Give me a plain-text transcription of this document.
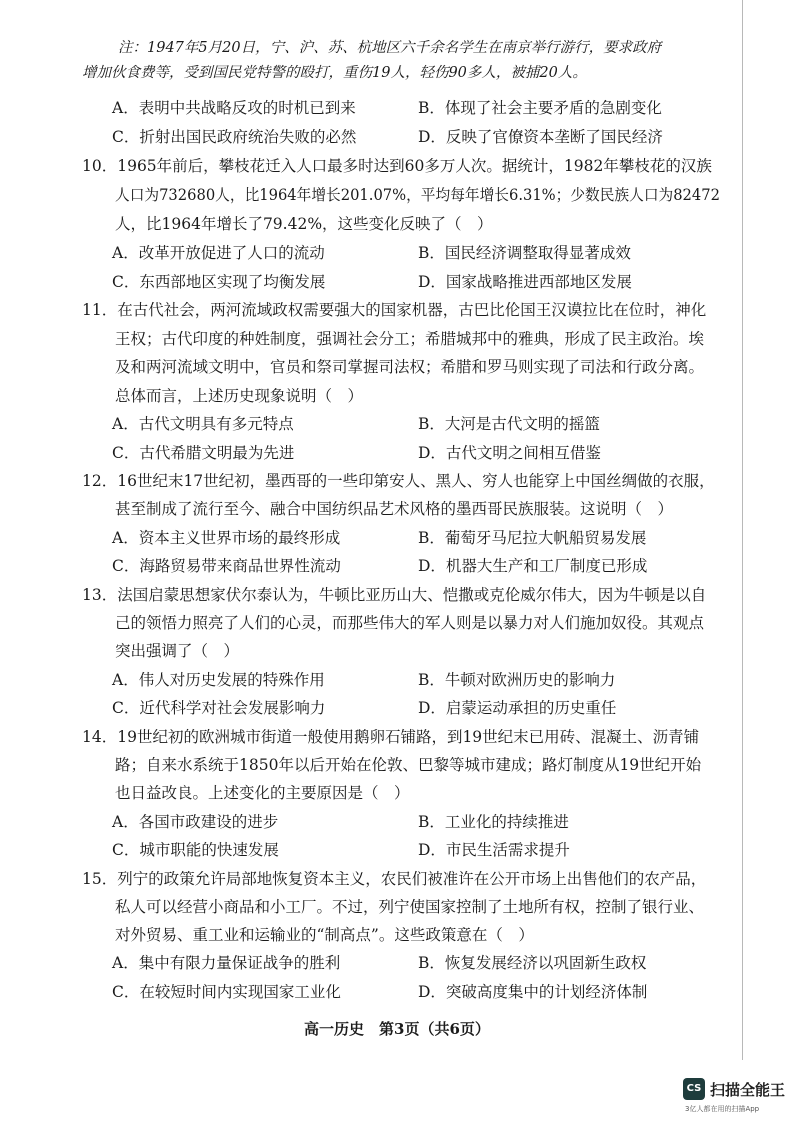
注：1947年5月20日，宁、沪、苏、杭地区六千余名学生在南京举行游行，要求政府
增加伙食费等，受到国民党特警的殴打，重伤19人，轻伤90多人，被捕20人。
A．表明中共战略反攻的时机已到来	B．体现了社会主要矛盾的急剧变化
C．折射出国民政府统治失败的必然	D．反映了官僚资本垄断了国民经济
10．1965年前后，攀枝花迁入人口最多时达到60多万人次。据统计，1982年攀枝花的汉族
人口为732680人，比1964年增长201.07%，平均每年增长6.31%；少数民族人口为82472
人，比1964年增长了79.42%，这些变化反映了（　）
A．改革开放促进了人口的流动	B．国民经济调整取得显著成效
C．东西部地区实现了均衡发展	D．国家战略推进西部地区发展
11．在古代社会，两河流域政权需要强大的国家机器，古巴比伦国王汉谟拉比在位时，神化
王权；古代印度的种姓制度，强调社会分工；希腊城邦中的雅典，形成了民主政治。埃
及和两河流域文明中，官员和祭司掌握司法权；希腊和罗马则实现了司法和行政分离。
总体而言，上述历史现象说明（　）
A．古代文明具有多元特点	B．大河是古代文明的摇篮
C．古代希腊文明最为先进	D．古代文明之间相互借鉴
12．16世纪末17世纪初，墨西哥的一些印第安人、黑人、穷人也能穿上中国丝绸做的衣服，
甚至制成了流行至今、融合中国纺织品艺术风格的墨西哥民族服装。这说明（　）
A．资本主义世界市场的最终形成	B．葡萄牙马尼拉大帆船贸易发展
C．海路贸易带来商品世界性流动	D．机器大生产和工厂制度已形成
13．法国启蒙思想家伏尔泰认为，牛顿比亚历山大、恺撒或克伦威尔伟大，因为牛顿是以自
己的领悟力照亮了人们的心灵，而那些伟大的军人则是以暴力对人们施加奴役。其观点
突出强调了（　）
A．伟人对历史发展的特殊作用	B．牛顿对欧洲历史的影响力
C．近代科学对社会发展影响力	D．启蒙运动承担的历史重任
14．19世纪初的欧洲城市街道一般使用鹅卵石铺路，到19世纪末已用砖、混凝土、沥青铺
路；自来水系统于1850年以后开始在伦敦、巴黎等城市建成；路灯制度从19世纪开始
也日益改良。上述变化的主要原因是（　）
A．各国市政建设的进步	B．工业化的持续推进
C．城市职能的快速发展	D．市民生活需求提升
15．列宁的政策允许局部地恢复资本主义，农民们被准许在公开市场上出售他们的农产品，
私人可以经营小商品和小工厂。不过，列宁使国家控制了土地所有权，控制了银行业、
对外贸易、重工业和运输业的“制高点”。这些政策意在（　）
A．集中有限力量保证战争的胜利	B．恢复发展经济以巩固新生政权
C．在较短时间内实现国家工业化	D．突破高度集中的计划经济体制
高一历史　第3页（共6页）
CS 扫描全能王
3亿人都在用的扫描App
